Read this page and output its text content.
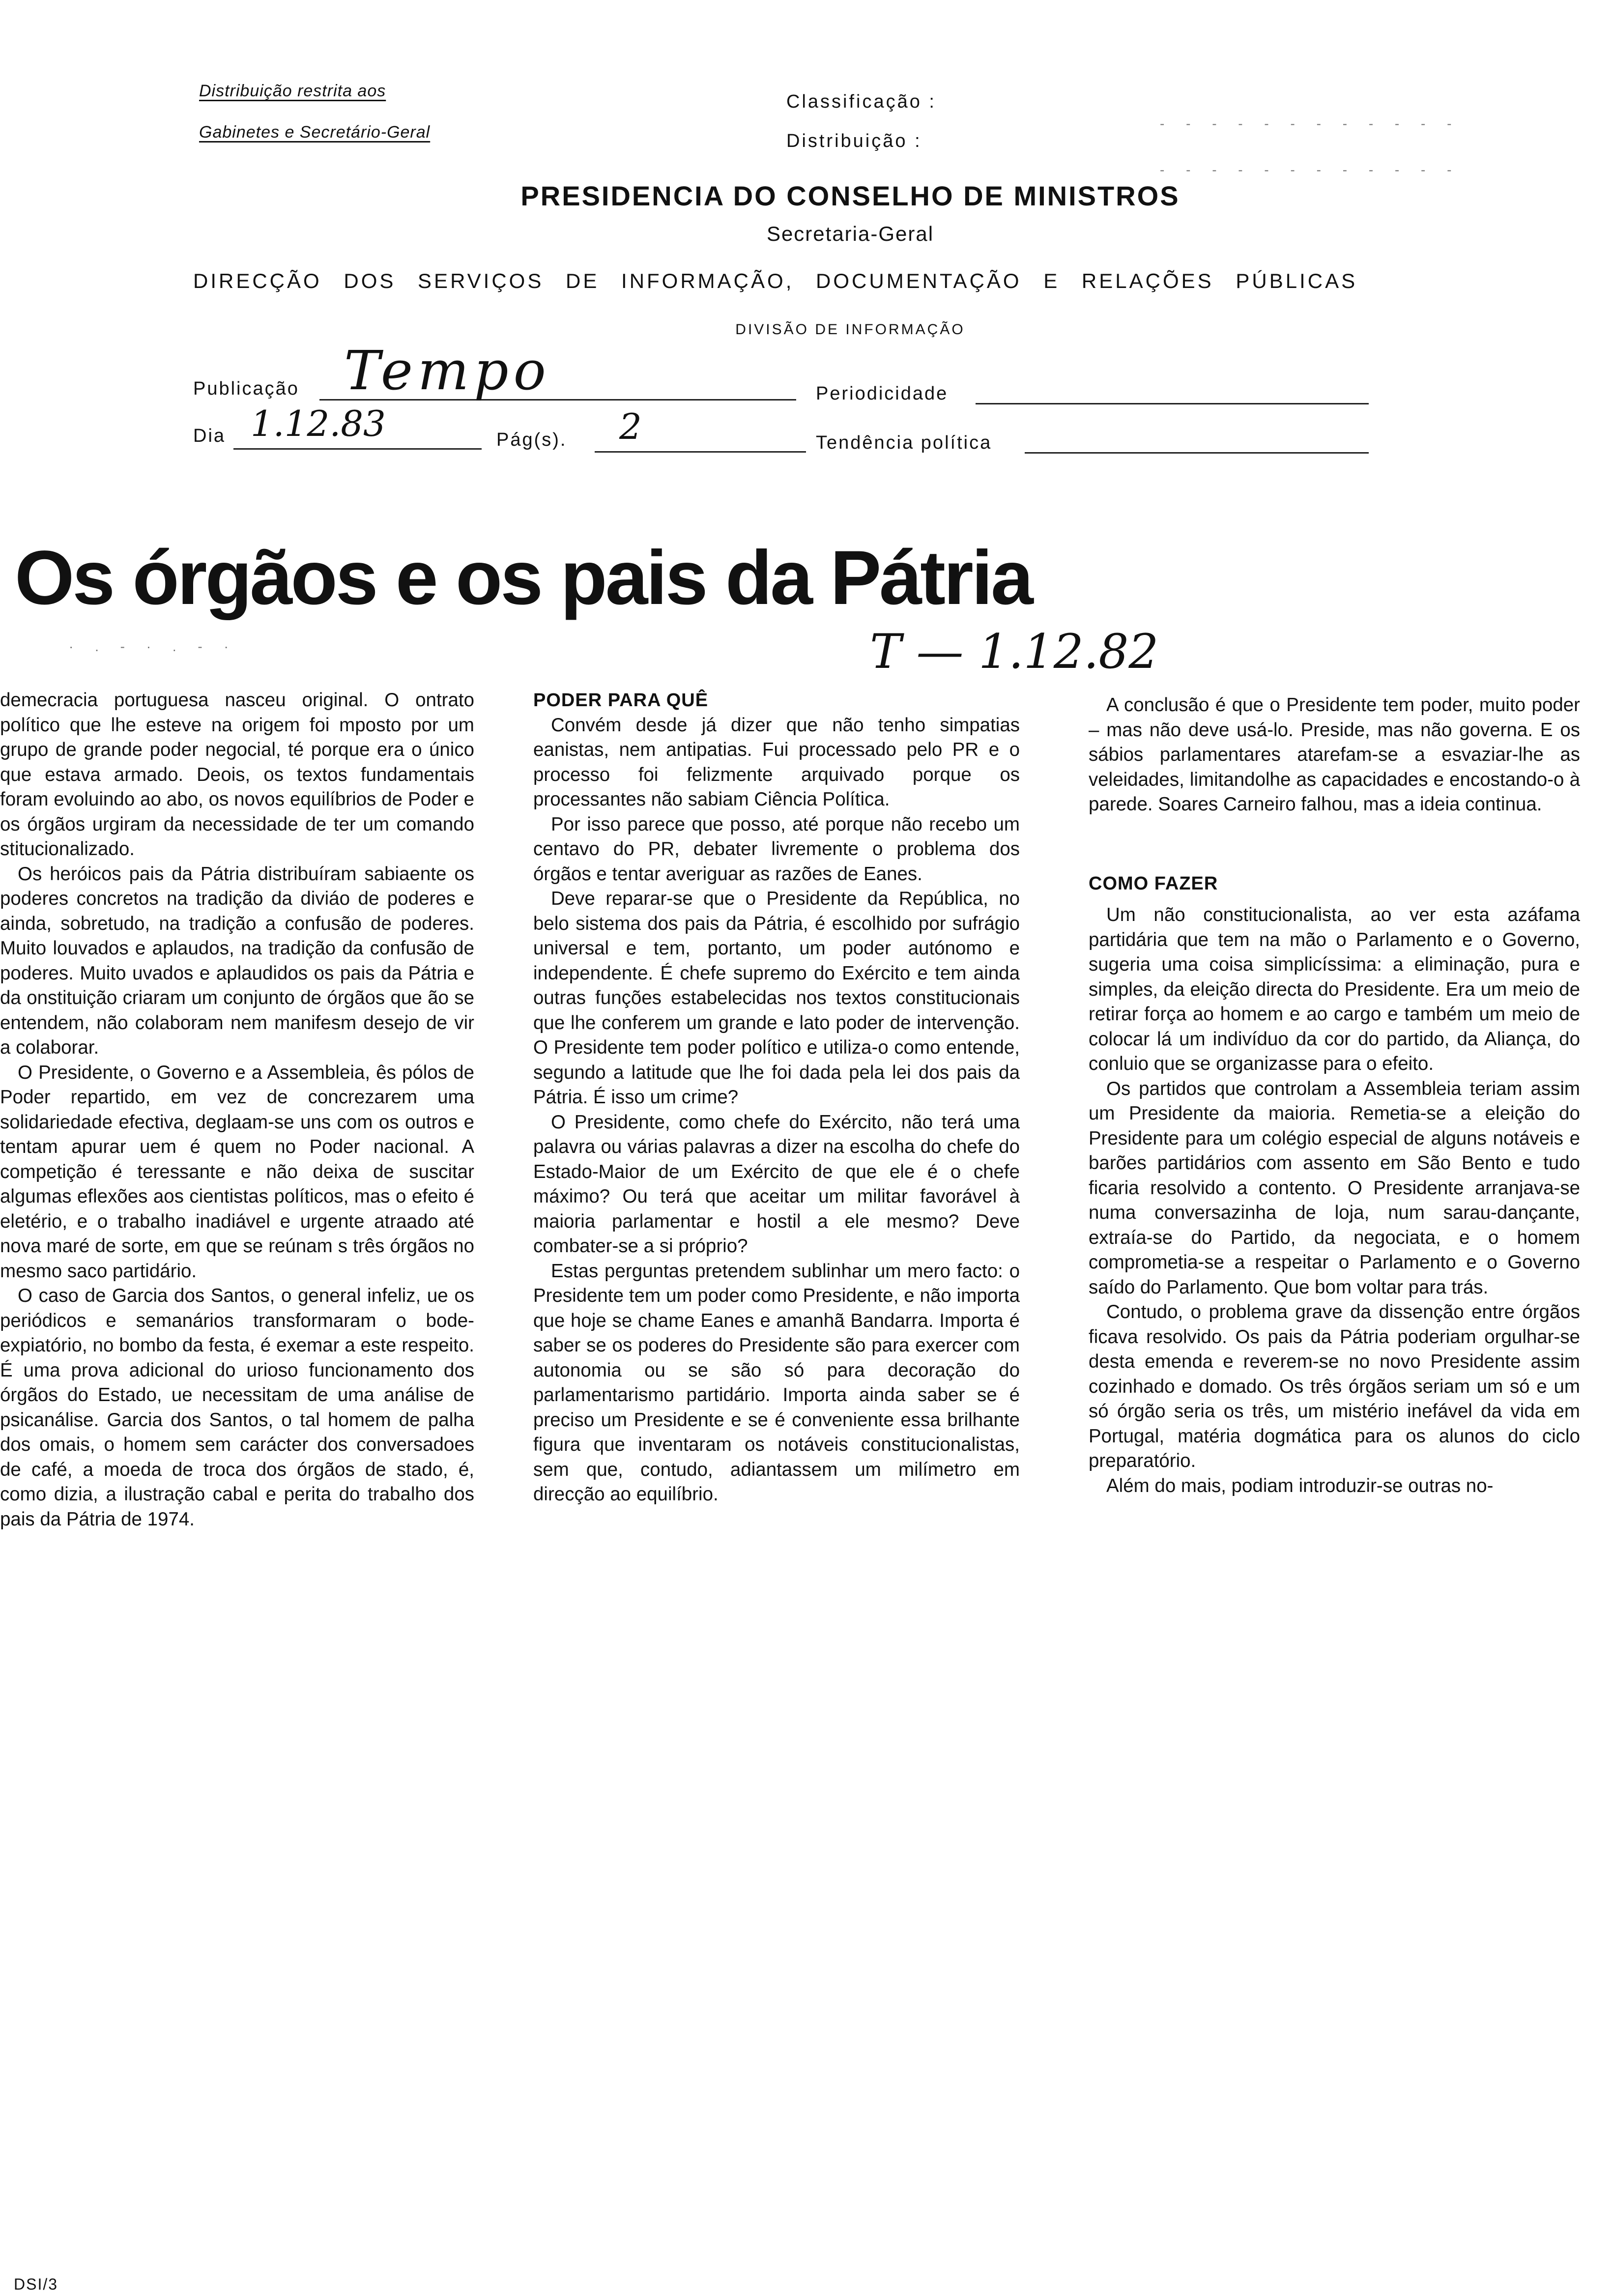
Distribuição restrita aos
Gabinetes e Secretário-Geral
Classificação :
Distribuição :
- - - - - - - - - - - -
- - - - - - - - - - - -
PRESIDENCIA DO CONSELHO DE MINISTROS
Secretaria-Geral
DIRECÇÃO DOS SERVIÇOS DE INFORMAÇÃO, DOCUMENTAÇÃO E RELAÇÕES PÚBLICAS
DIVISÃO DE INFORMAÇÃO
Publicação Tempo	Periodicidade
Dia 1.12.83	Pág(s). 2	Tendência política
Os órgãos e os pais da Pátria
T — 1.12.82
· . - · . - ·

demecracia portuguesa nasceu original. O ontrato político que lhe esteve na origem foi mposto por um grupo de grande poder negocial, té porque era o único que estava armado. Deois, os textos fundamentais foram evoluindo ao abo, os novos equilíbrios de Poder e os órgãos urgiram da necessidade de ter um comando stitucionalizado.

Os heróicos pais da Pátria distribuíram sabiaente os poderes concretos na tradição da diviáo de poderes e ainda, sobretudo, na tradição a confusão de poderes. Muito louvados e aplaudos, na tradição da confusão de poderes. Muito uvados e aplaudidos os pais da Pátria e da onstituição criaram um conjunto de órgãos que ão se entendem, não colaboram nem manifesm desejo de vir a colaborar.

O Presidente, o Governo e a Assembleia, ês pólos de Poder repartido, em vez de concrezarem uma solidariedade efectiva, deglaam-se uns com os outros e tentam apurar uem é quem no Poder nacional. A competição é teressante e não deixa de suscitar algumas eflexões aos cientistas políticos, mas o efeito é eletério, e o trabalho inadiável e urgente atraado até nova maré de sorte, em que se reúnam s três órgãos no mesmo saco partidário.

O caso de Garcia dos Santos, o general infeliz, ue os periódicos e semanários transformaram o bode-expiatório, no bombo da festa, é exemar a este respeito. É uma prova adicional do urioso funcionamento dos órgãos do Estado, ue necessitam de uma análise de psicanálise. Garcia dos Santos, o tal homem de palha dos omais, o homem sem carácter dos conversadoes de café, a moeda de troca dos órgãos de stado, é, como dizia, a ilustração cabal e perita do trabalho dos pais da Pátria de 1974.

PODER PARA QUÊ

Convém desde já dizer que não tenho simpatias eanistas, nem antipatias. Fui processado pelo PR e o processo foi felizmente arquivado porque os processantes não sabiam Ciência Política.

Por isso parece que posso, até porque não recebo um centavo do PR, debater livremente o problema dos órgãos e tentar averiguar as razões de Eanes.

Deve reparar-se que o Presidente da República, no belo sistema dos pais da Pátria, é escolhido por sufrágio universal e tem, portanto, um poder autónomo e independente. É chefe supremo do Exército e tem ainda outras funções estabelecidas nos textos constitucionais que lhe conferem um grande e lato poder de intervenção. O Presidente tem poder político e utiliza-o como entende, segundo a latitude que lhe foi dada pela lei dos pais da Pátria. É isso um crime?

O Presidente, como chefe do Exército, não terá uma palavra ou várias palavras a dizer na escolha do chefe do Estado-Maior de um Exército de que ele é o chefe máximo? Ou terá que aceitar um militar favorável à maioria parlamentar e hostil a ele mesmo? Deve combater-se a si próprio?

Estas perguntas pretendem sublinhar um mero facto: o Presidente tem um poder como Presidente, e não importa que hoje se chame Eanes e amanhã Bandarra. Importa é saber se os poderes do Presidente são para exercer com autonomia ou se são só para decoração do parlamentarismo partidário. Importa ainda saber se é preciso um Presidente e se é conveniente essa brilhante figura que inventaram os notáveis constitucionalistas, sem que, contudo, adiantassem um milímetro em direcção ao equilíbrio.

A conclusão é que o Presidente tem poder, muito poder – mas não deve usá-lo. Preside, mas não governa. E os sábios parlamentares atarefam-se a esvaziar-lhe as veleidades, limitandolhe as capacidades e encostando-o à parede. Soares Carneiro falhou, mas a ideia continua.

COMO FAZER

Um não constitucionalista, ao ver esta azáfama partidária que tem na mão o Parlamento e o Governo, sugeria uma coisa simplicíssima: a eliminação, pura e simples, da eleição directa do Presidente. Era um meio de retirar força ao homem e ao cargo e também um meio de colocar lá um indivíduo da cor do partido, da Aliança, do conluio que se organizasse para o efeito.

Os partidos que controlam a Assembleia teriam assim um Presidente da maioria. Remetia-se a eleição do Presidente para um colégio especial de alguns notáveis e barões partidários com assento em São Bento e tudo ficaria resolvido a contento. O Presidente arranjava-se numa conversazinha de loja, num sarau-dançante, extraía-se do Partido, da negociata, e o homem comprometia-se a respeitar o Parlamento e o Governo saído do Parlamento. Que bom voltar para trás.

Contudo, o problema grave da dissenção entre órgãos ficava resolvido. Os pais da Pátria poderiam orgulhar-se desta emenda e reverem-se no novo Presidente assim cozinhado e domado. Os três órgãos seriam um só e um só órgão seria os três, um mistério inefável da vida em Portugal, matéria dogmática para os alunos do ciclo preparatório.

Além do mais, podiam introduzir-se outras no-

DSI/3
